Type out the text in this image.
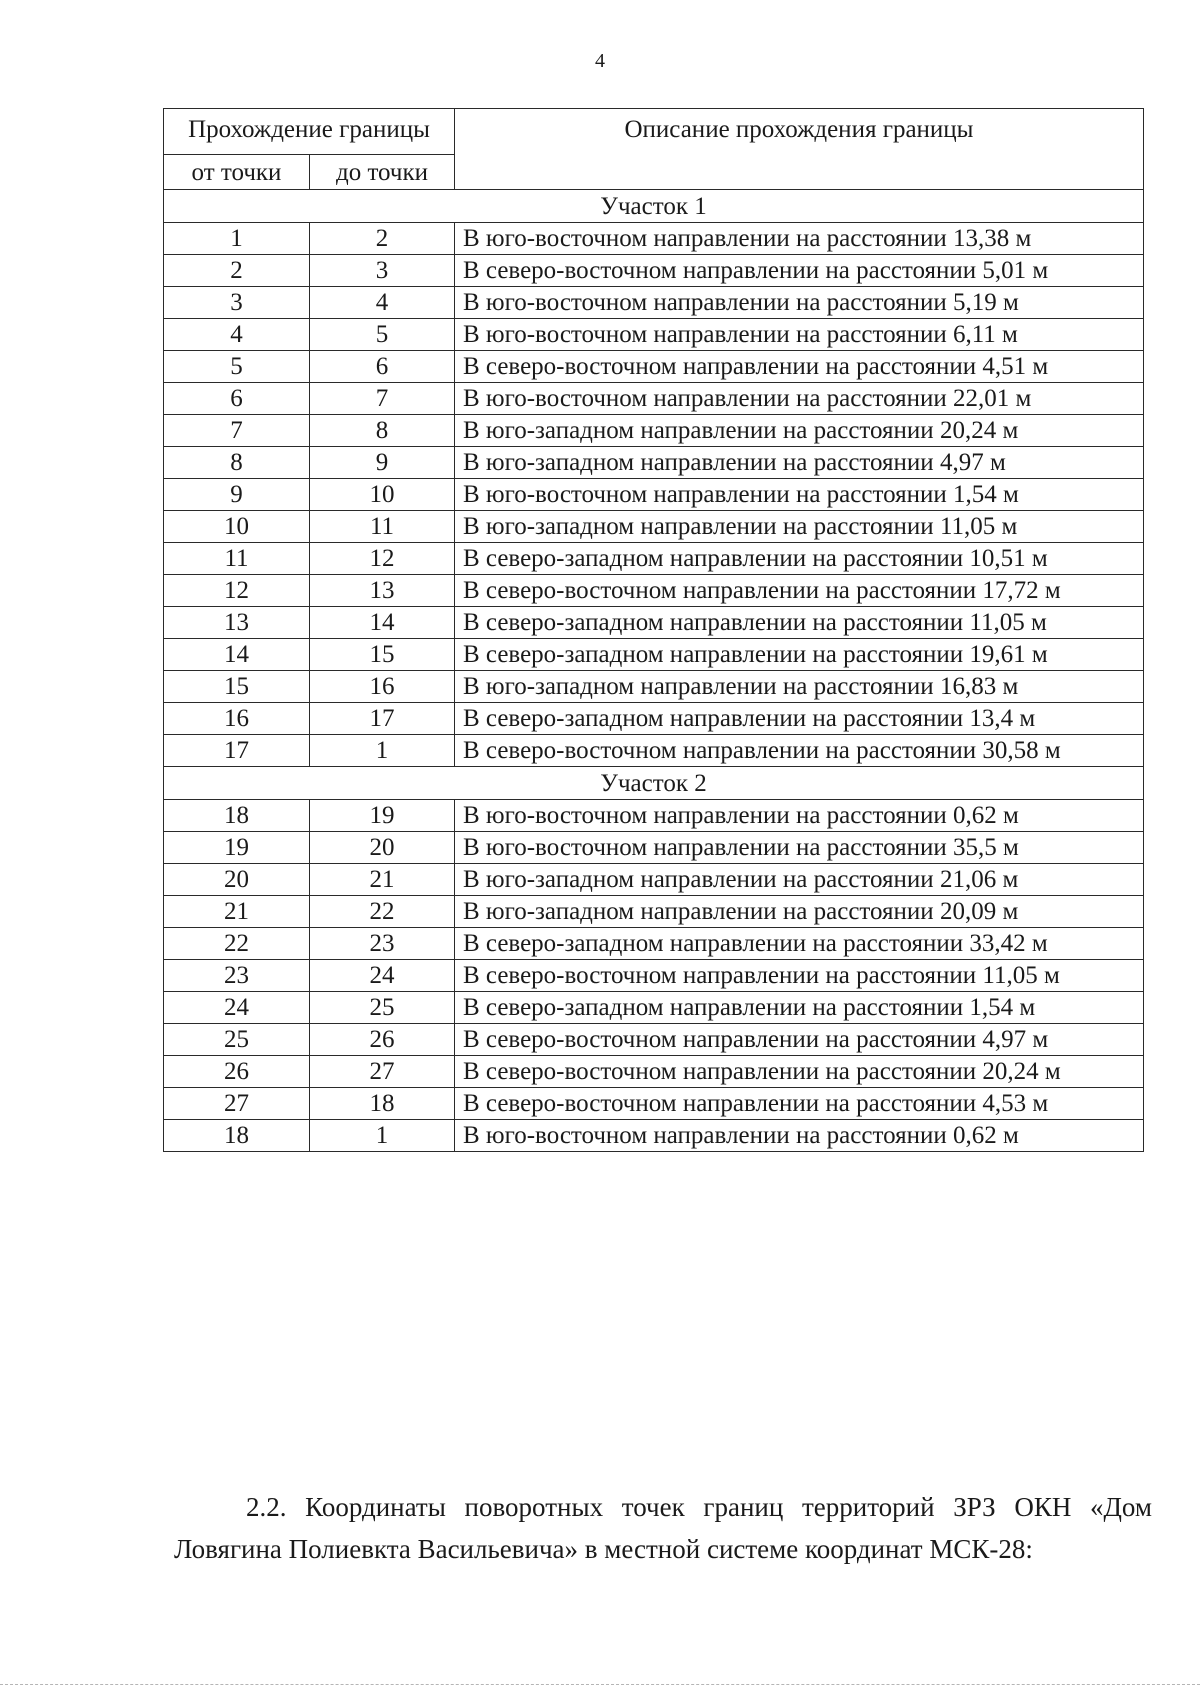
4
Прохождение границы		Описание прохождения границы
от точки	до точки	
Участок 1		
1	2	В юго-восточном направлении на расстоянии 13,38 м
2	3	В северо-восточном направлении на расстоянии 5,01 м
3	4	В юго-восточном направлении на расстоянии 5,19 м
4	5	В юго-восточном направлении на расстоянии 6,11 м
5	6	В северо-восточном направлении на расстоянии 4,51 м
6	7	В юго-восточном направлении на расстоянии 22,01 м
7	8	В юго-западном направлении на расстоянии 20,24 м
8	9	В юго-западном направлении на расстоянии 4,97 м
9	10	В юго-восточном направлении на расстоянии 1,54 м
10	11	В юго-западном направлении на расстоянии 11,05 м
11	12	В северо-западном направлении на расстоянии 10,51 м
12	13	В северо-восточном направлении на расстоянии 17,72 м
13	14	В северо-западном направлении на расстоянии 11,05 м
14	15	В северо-западном направлении на расстоянии 19,61 м
15	16	В юго-западном направлении на расстоянии 16,83 м
16	17	В северо-западном направлении на расстоянии 13,4 м
17	1	В северо-восточном направлении на расстоянии 30,58 м
Участок 2		
18	19	В юго-восточном направлении на расстоянии 0,62 м
19	20	В юго-восточном направлении на расстоянии 35,5 м
20	21	В юго-западном направлении на расстоянии 21,06 м
21	22	В юго-западном направлении на расстоянии 20,09 м
22	23	В северо-западном направлении на расстоянии 33,42 м
23	24	В северо-восточном направлении на расстоянии 11,05 м
24	25	В северо-западном направлении на расстоянии 1,54 м
25	26	В северо-восточном направлении на расстоянии 4,97 м
26	27	В северо-восточном направлении на расстоянии 20,24 м
27	18	В северо-восточном направлении на расстоянии 4,53 м
18	1	В юго-восточном направлении на расстоянии 0,62 м
2.2. Координаты поворотных точек границ территорий ЗРЗ ОКН «Дом Ловягина Полиевкта Васильевича» в местной системе координат МСК-28:
